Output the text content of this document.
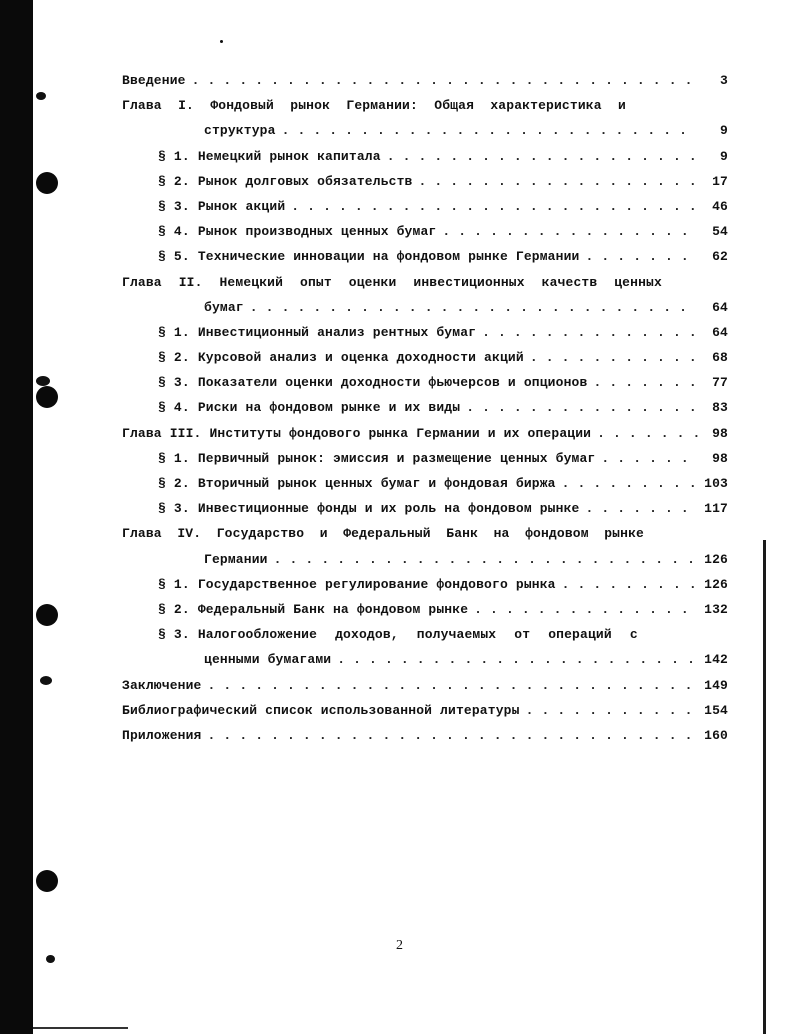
Введение . . .	3
Глава I. Фондовый рынок Германии: Общая характеристика и
структура . . .	9
§ 1. Немецкий рынок капитала . . .	9
§ 2. Рынок долговых обязательств . . .	17
§ 3. Рынок акций . . .	46
§ 4. Рынок производных ценных бумаг . . .	54
§ 5. Технические инновации на фондовом рынке Германии . . .	62
Глава II. Немецкий опыт оценки инвестиционных качеств ценных
бумаг . . .	64
§ 1. Инвестиционный анализ рентных бумаг . . .	64
§ 2. Курсовой анализ и оценка доходности акций . . .	68
§ 3. Показатели оценки доходности фьючерсов и опционов . . .	77
§ 4. Риски на фондовом рынке и их виды . . .	83
Глава III. Институты фондового рынка Германии и их операции . . .	98
§ 1. Первичный рынок: эмиссия и размещение ценных бумаг . . .	98
§ 2. Вторичный рынок ценных бумаг и фондовая биржа . . .	103
§ 3. Инвестиционные фонды и их роль на фондовом рынке . . .	117
Глава IV. Государство и Федеральный Банк на фондовом рынке
Германии . . .	126
§ 1. Государственное регулирование фондового рынка . . .	126
§ 2. Федеральный Банк на фондовом рынке . . .	132
§ 3. Налогообложение доходов, получаемых от операций с
ценными бумагами . . .	142
Заключение . . .	149
Библиографический список использованной литературы . . .	154
Приложения . . .	160
2
